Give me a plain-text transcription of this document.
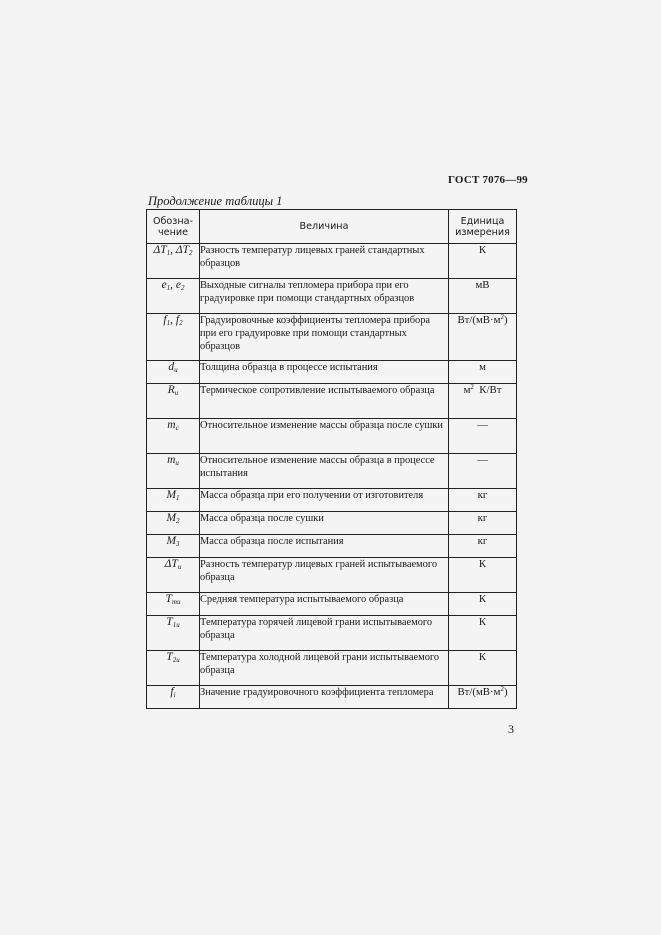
ГОСТ 7076—99
Продолжение таблицы 1
Обозна-
чение	Величина	Единица
измерения
$\Delta T_1$, $\Delta T_2$	Разность температур лицевых граней стандартных образцов	К
$e_1$, $e_2$	Выходные сигналы тепломера прибора при его градуировке при помощи стандартных образцов	мВ
$f_1$, $f_2$	Градуировочные коэффициенты тепломера прибора при его градуировке при помощи стандартных образцов	$Вт/(мВ\cdot м^2)$
$d_и$	Толщина образца в процессе испытания	м
$R_и$	Термическое сопротивление испытываемого образца	$м^2$  К/Вт
$m_c$	Относительное изменение массы образца после сушки	—
$m_и$	Относительное изменение массы образца в процессе испытания	—
$M_1$	Масса образца при его получении от изготовителя	кг
$M_2$	Масса образца после сушки	кг
$M_3$	Масса образца после испытания	кг
$\Delta T_и$	Разность температур лицевых граней испытываемого образца	К
$T_{ти}$	Средняя температура испытываемого образца	К
$T_{1и}$	Температура горячей лицевой грани испытываемого образца	К
$T_{2и}$	Температура холодной лицевой грани испытываемого образца	К
$f_i$	Значение градуировочного коэффициента тепломера	$Вт/(мВ\cdot м^2)$
3
